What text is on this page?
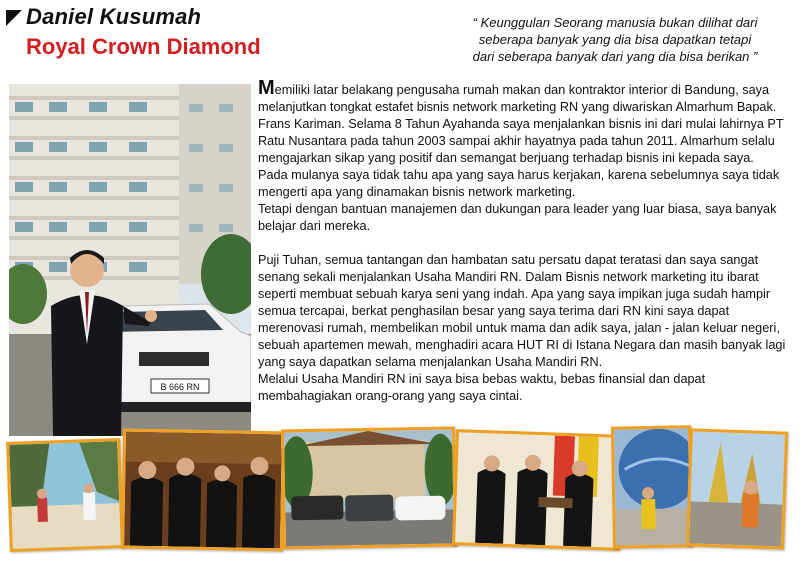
Daniel Kusumah
Royal Crown Diamond
“ Keunggulan Seorang manusia bukan dilihat dari
seberapa banyak yang dia bisa dapatkan tetapi
dari seberapa banyak dari yang dia bisa berikan ”
B 666 RN

Memiliki latar belakang pengusaha rumah makan dan kontraktor interior di Bandung, saya melanjutkan tongkat estafet bisnis network marketing RN yang diwariskan Almarhum Bapak. Frans Kariman. Selama 8 Tahun Ayahanda saya menjalankan bisnis ini dari mulai lahirnya PT Ratu Nusantara pada tahun 2003 sampai akhir hayatnya pada tahun 2011. Almarhum selalu mengajarkan sikap yang positif dan semangat berjuang terhadap bisnis ini kepada saya.

Pada mulanya saya tidak tahu apa yang saya harus kerjakan, karena sebelumnya saya tidak mengerti apa yang dinamakan bisnis network marketing.

Tetapi dengan bantuan manajemen dan dukungan para leader yang luar biasa, saya banyak belajar dari mereka.

Puji Tuhan, semua tantangan dan hambatan satu persatu dapat teratasi dan saya sangat senang sekali menjalankan Usaha Mandiri RN. Dalam Bisnis network marketing itu ibarat seperti membuat sebuah karya seni yang indah. Apa yang saya impikan juga sudah hampir semua tercapai, berkat penghasilan besar yang saya terima dari RN kini saya dapat merenovasi rumah, membelikan mobil untuk mama dan adik saya, jalan - jalan keluar negeri, sebuah apartemen mewah, menghadiri acara HUT RI di Istana Negara dan masih banyak lagi yang saya dapatkan selama menjalankan Usaha Mandiri RN.

Melalui Usaha Mandiri RN ini saya bisa bebas waktu, bebas finansial dan dapat membahagiakan orang-orang yang saya cintai.
